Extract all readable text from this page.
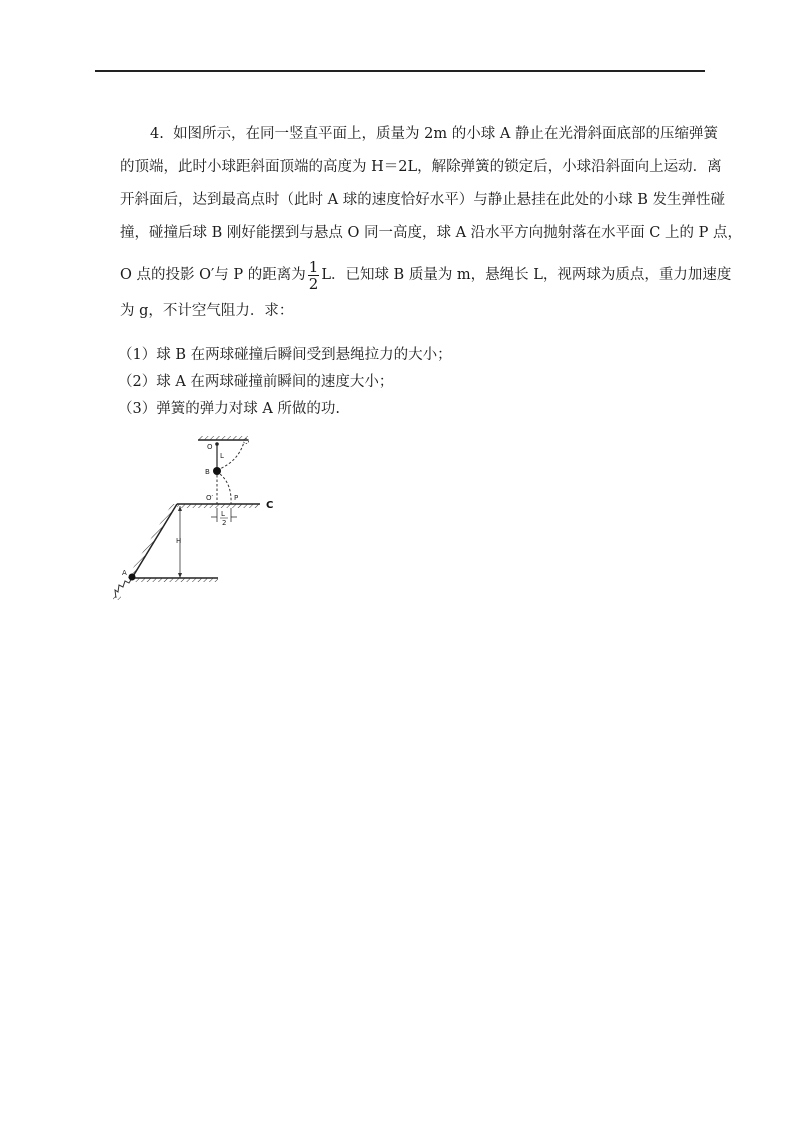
4. 如图所示，在同一竖直平面上，质量为 2m 的小球 A 静止在光滑斜面底部的压缩弹簧

的顶端，此时小球距斜面顶端的高度为 H＝2L，解除弹簧的锁定后，小球沿斜面向上运动．离

开斜面后，达到最高点时（此时 A 球的速度恰好水平）与静止悬挂在此处的小球 B 发生弹性碰

撞，碰撞后球 B 刚好能摆到与悬点 O 同一高度，球 A 沿水平方向抛射落在水平面 C 上的 P 点，

O 点的投影 O′与 P 的距离为 $\frac{1}{2}$ L．已知球 B 质量为 m，悬绳长 L，视两球为质点，重力加速度

为 g，不计空气阻力．求：

（1）球 B 在两球碰撞后瞬间受到悬绳拉力的大小；

（2）球 A 在两球碰撞前瞬间的速度大小；

（3）弹簧的弹力对球 A 所做的功.

O
L
B
O′	P
C
L
2
H
A
